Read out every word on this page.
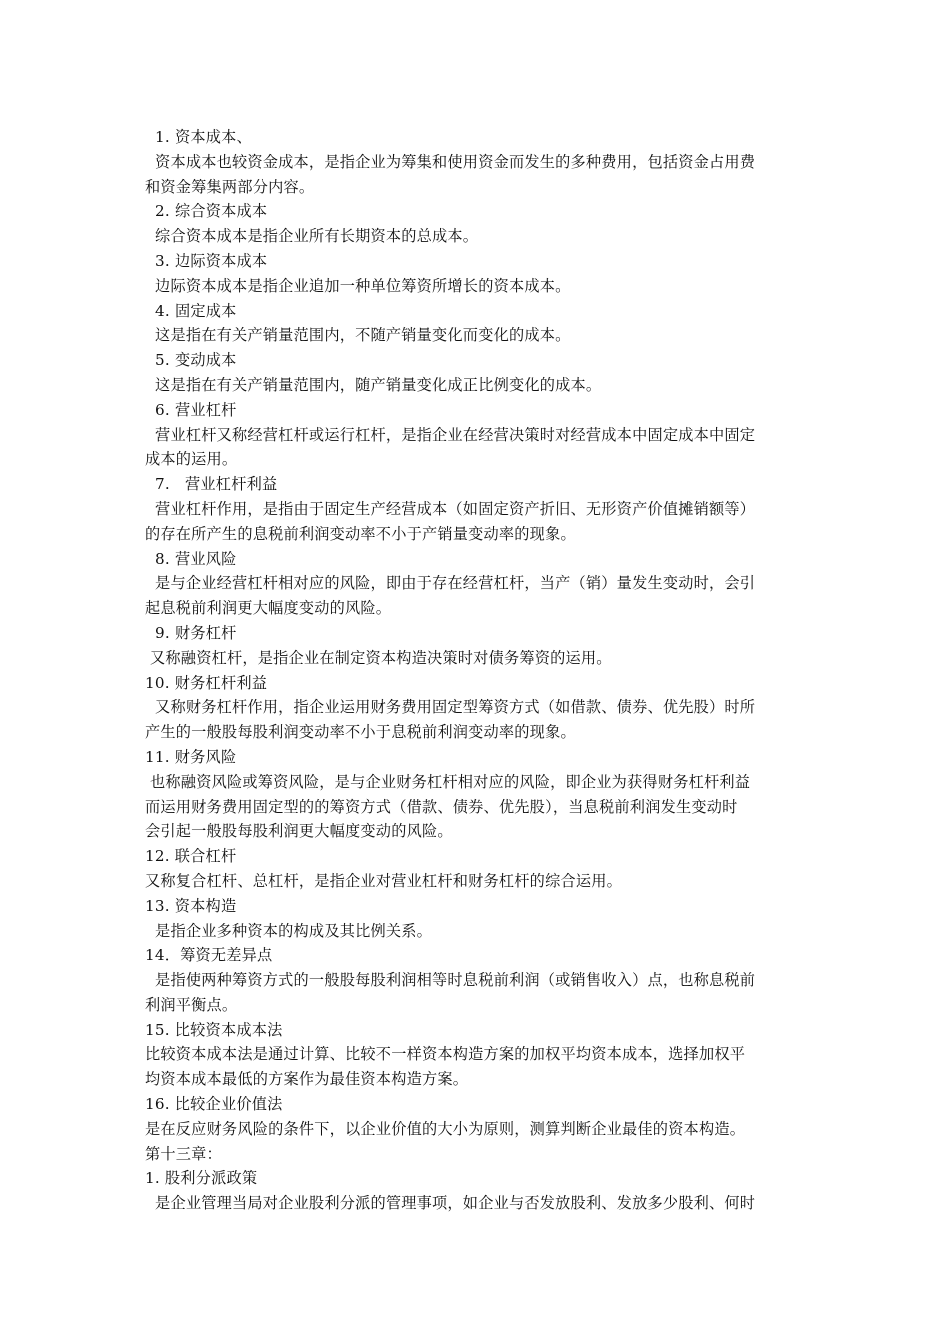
1. 资本成本、
资本成本也较资金成本，是指企业为筹集和使用资金而发生的多种费用，包括资金占用费
和资金筹集两部分内容。
2. 综合资本成本
综合资本成本是指企业所有长期资本的总成本。
3. 边际资本成本
边际资本成本是指企业追加一种单位筹资所增长的资本成本。
4. 固定成本
这是指在有关产销量范围内，不随产销量变化而变化的成本。
5. 变动成本
这是指在有关产销量范围内，随产销量变化成正比例变化的成本。
6. 营业杠杆
营业杠杆又称经营杠杆或运行杠杆，是指企业在经营决策时对经营成本中固定成本中固定
成本的运用。
7.   营业杠杆利益
营业杠杆作用，是指由于固定生产经营成本（如固定资产折旧、无形资产价值摊销额等）
的存在所产生的息税前利润变动率不小于产销量变动率的现象。
8. 营业风险
是与企业经营杠杆相对应的风险，即由于存在经营杠杆，当产（销）量发生变动时，会引
起息税前利润更大幅度变动的风险。
9. 财务杠杆
又称融资杠杆，是指企业在制定资本构造决策时对债务筹资的运用。
10. 财务杠杆利益
又称财务杠杆作用，指企业运用财务费用固定型筹资方式（如借款、债券、优先股）时所
产生的一般股每股利润变动率不小于息税前利润变动率的现象。
11. 财务风险
也称融资风险或筹资风险，是与企业财务杠杆相对应的风险，即企业为获得财务杠杆利益
而运用财务费用固定型的的筹资方式（借款、债券、优先股），当息税前利润发生变动时
会引起一般股每股利润更大幅度变动的风险。
12. 联合杠杆
又称复合杠杆、总杠杆，是指企业对营业杠杆和财务杠杆的综合运用。
13. 资本构造
是指企业多种资本的构成及其比例关系。
14．筹资无差异点
是指使两种筹资方式的一般股每股利润相等时息税前利润（或销售收入）点，也称息税前
利润平衡点。
15. 比较资本成本法
比较资本成本法是通过计算、比较不一样资本构造方案的加权平均资本成本，选择加权平
均资本成本最低的方案作为最佳资本构造方案。
16. 比较企业价值法
是在反应财务风险的条件下，以企业价值的大小为原则，测算判断企业最佳的资本构造。
第十三章：
1. 股利分派政策
是企业管理当局对企业股利分派的管理事项，如企业与否发放股利、发放多少股利、何时
